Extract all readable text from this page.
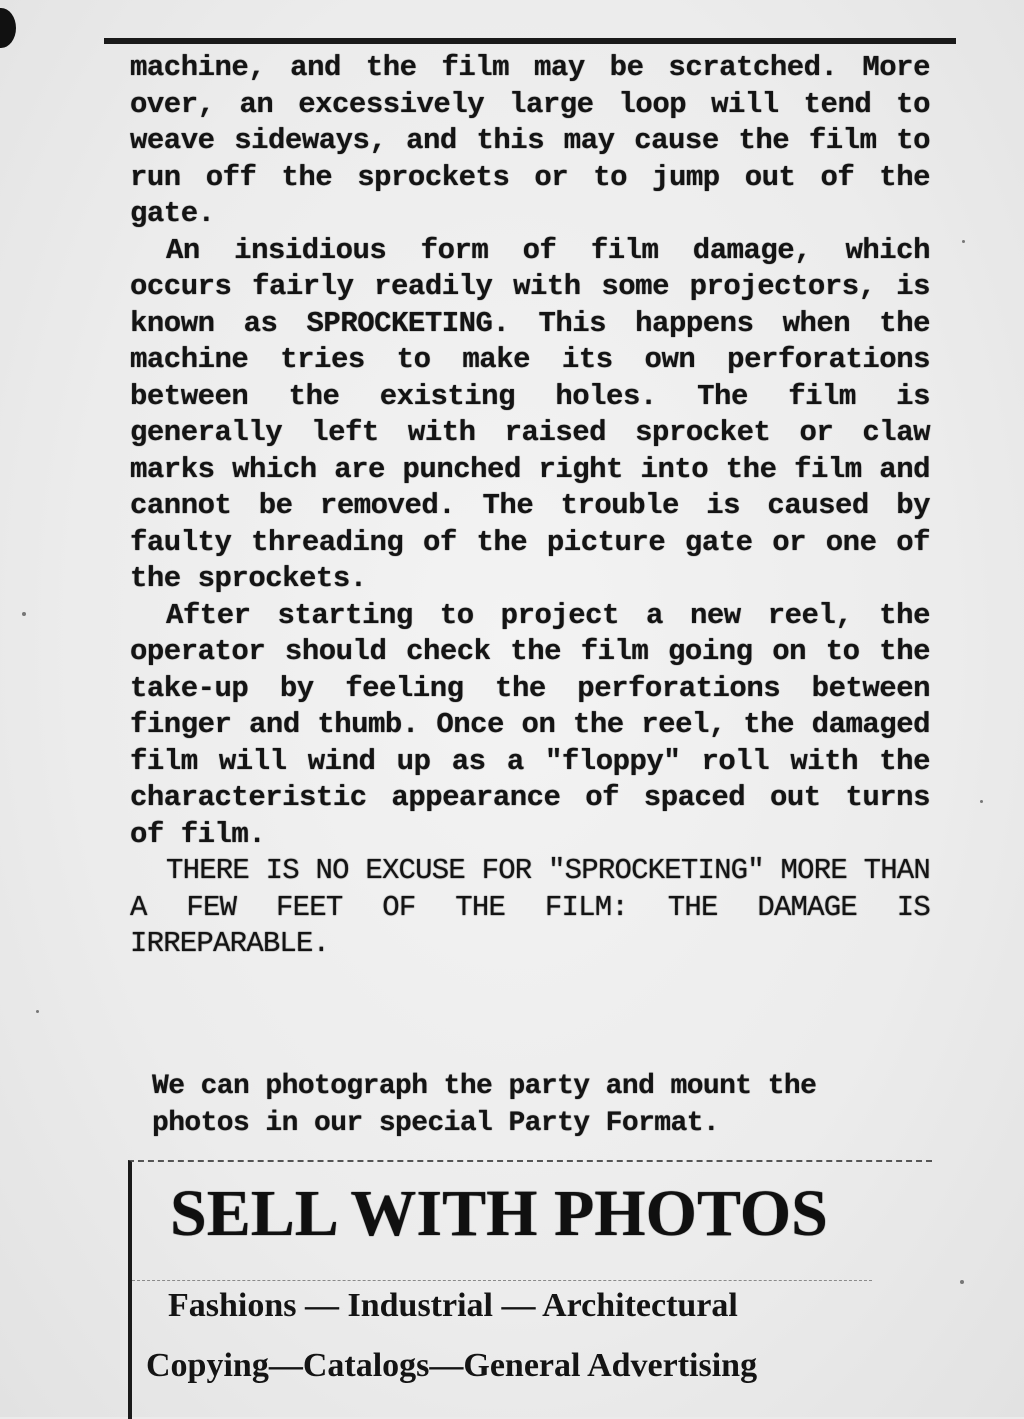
machine, and the film may be scratched. More over, an excessively large loop will tend to weave sideways, and this may cause the film to run off the sprockets or to jump out of the gate.

An insidious form of film damage, which occurs fairly readily with some projectors, is known as SPROCKETING. This happens when the machine tries to make its own perforations between the existing holes. The film is generally left with raised sprocket or claw marks which are punched right into the film and cannot be removed. The trouble is caused by faulty threading of the picture gate or one of the sprockets.

After starting to project a new reel, the operator should check the film going on to the take-up by feeling the perforations between finger and thumb. Once on the reel, the damaged film will wind up as a "floppy" roll with the characteristic appearance of spaced out turns of film.

THERE IS NO EXCUSE FOR "SPROCKETING" MORE THAN A FEW FEET OF THE FILM: THE DAMAGE IS IRREPARABLE.

We can photograph the party and mount the photos in our special Party Format.
SELL WITH PHOTOS
Fashions — Industrial — Architectural
Copying—Catalogs—General Advertising
